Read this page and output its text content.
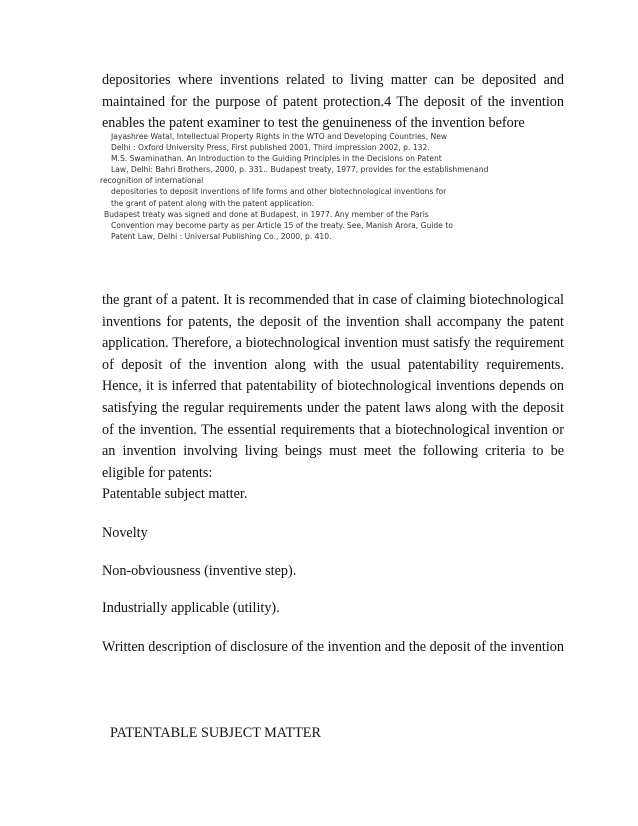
depositories where inventions related to living matter can be deposited and maintained for the purpose of patent protection.4 The deposit of the invention enables the patent examiner to test the genuineness of the invention before

Jayashree Watal, Intellectual Property Rights in the WTO and Developing Countries, New
Delhi : Oxford University Press, First published 2001, Third impression 2002, p. 132.
M.S. Swaminathan. An Introduction to the Guiding Principles in the Decisions on Patent
Law, Delhi: Bahri Brothers, 2000, p. 331.. Budapest treaty, 1977, provides for the establishmenand
recognition of international
depositories to deposit inventions of life forms and other biotechnological inventions for
the grant of patent along with the patent application.
Budapest treaty was signed and done at Budapest, in 1977. Any member of the Paris
Convention may become party as per Article 15 of the treaty. See, Manish Arora, Guide to
Patent Law, Delhi : Universal Publishing Co., 2000, p. 410.

the grant of a patent. It is recommended that in case of claiming biotechnological inventions for patents, the deposit of the invention shall accompany the patent application. Therefore, a biotechnological invention must satisfy the requirement of deposit of the invention along with the usual patentability requirements. Hence, it is inferred that patentability of biotechnological inventions depends on satisfying the regular requirements under the patent laws along with the deposit of the invention. The essential requirements that a biotechnological invention or an invention involving living beings must meet the following criteria to be eligible for patents:

Patentable subject matter.

Novelty

Non-obviousness (inventive step).

Industrially applicable (utility).

Written description of disclosure of the invention and the deposit of the invention

PATENTABLE SUBJECT MATTER
